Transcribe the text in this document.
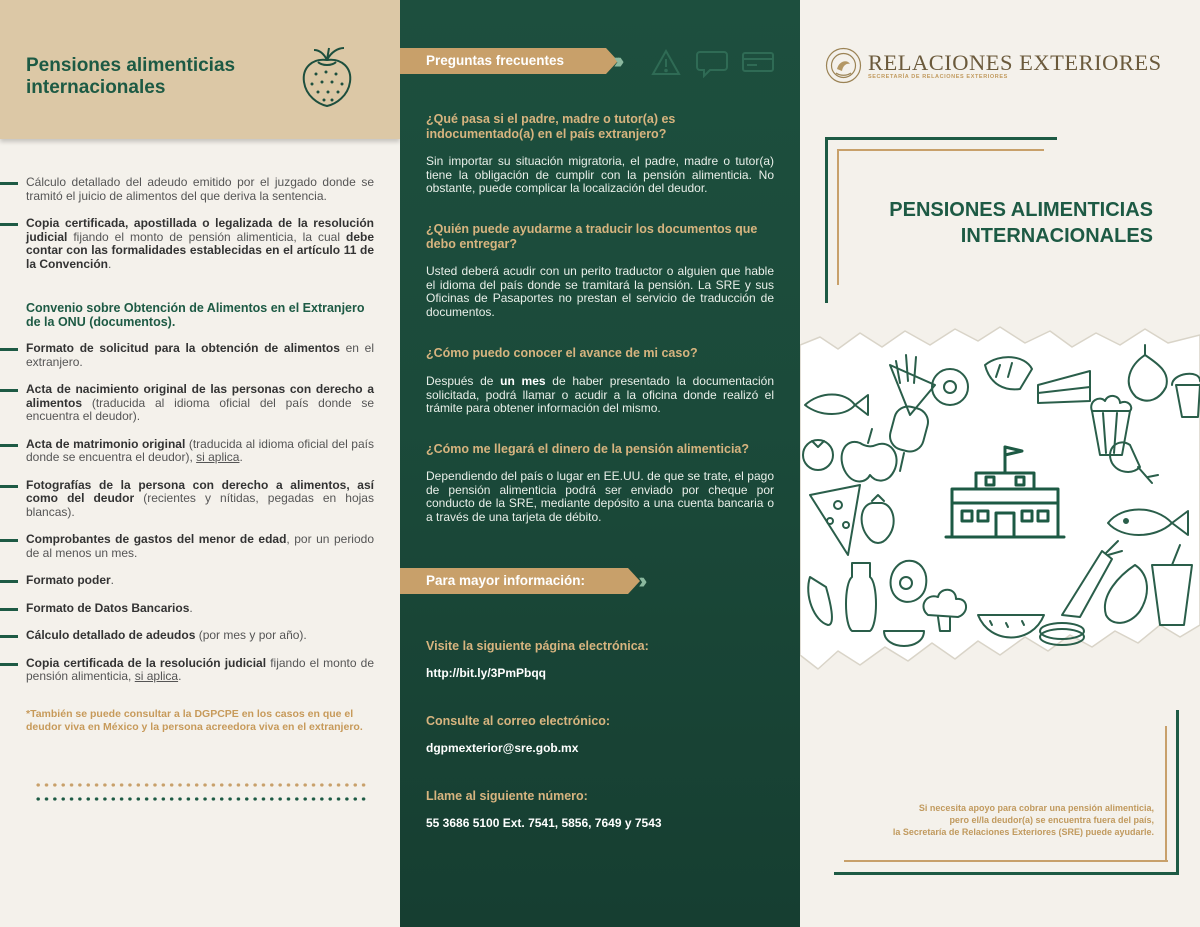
Pensiones alimenticias internacionales
Cálculo detallado del adeudo emitido por el juzgado donde se tramitó el juicio de alimentos del que deriva la sentencia.
Copia certificada, apostillada o legalizada de la resolución judicial fijando el monto de pensión alimenticia, la cual debe contar con las formalidades establecidas en el artículo 11 de la Convención.
Convenio sobre Obtención de Alimentos en el Extranjero de la ONU (documentos).
Formato de solicitud para la obtención de alimentos en el extranjero.
Acta de nacimiento original de las personas con derecho a alimentos (traducida al idioma oficial del país donde se encuentra el deudor).
Acta de matrimonio original (traducida al idioma oficial del país donde se encuentra el deudor), si aplica.
Fotografías de la persona con derecho a alimentos, así como del deudor (recientes y nítidas, pegadas en hojas blancas).
Comprobantes de gastos del menor de edad, por un periodo de al menos un mes.
Formato poder.
Formato de Datos Bancarios.
Cálculo detallado de adeudos (por mes y por año).
Copia certificada de la resolución judicial fijando el monto de pensión alimenticia, si aplica.
*También se puede consultar a la DGPCPE en los casos en que el deudor viva en México y la persona acreedora viva en el extranjero.
Preguntas frecuentes
¿Qué pasa si el padre, madre o tutor(a) es indocumentado(a) en el país extranjero?
Sin importar su situación migratoria, el padre, madre o tutor(a) tiene la obligación de cumplir con la pensión alimenticia. No obstante, puede complicar la localización del deudor.
¿Quién puede ayudarme a traducir los documentos que debo entregar?
Usted deberá acudir con un perito traductor o alguien que hable el idioma del país donde se tramitará la pensión. La SRE y sus Oficinas de Pasaportes no prestan el servicio de traducción de documentos.
¿Cómo puedo conocer el avance de mi caso?
Después de un mes de haber presentado la documentación solicitada, podrá llamar o acudir a la oficina donde realizó el trámite para obtener información del mismo.
¿Cómo me llegará el dinero de la pensión alimenticia?
Dependiendo del país o lugar en EE.UU. de que se trate, el pago de pensión alimenticia podrá ser enviado por cheque por conducto de la SRE, mediante depósito a una cuenta bancaria o a través de una tarjeta de débito.
Para mayor información:
Visite la siguiente página electrónica:
http://bit.ly/3PmPbqq
Consulte al correo electrónico:
dgpmexterior@sre.gob.mx
Llame al siguiente número:
55 3686 5100 Ext. 7541, 5856, 7649 y 7543
RELACIONES EXTERIORES
SECRETARÍA DE RELACIONES EXTERIORES
PENSIONES ALIMENTICIAS
INTERNACIONALES
Si necesita apoyo para cobrar una pensión alimenticia,
pero el/la deudor(a) se encuentra fuera del país,
la Secretaría de Relaciones Exteriores (SRE) puede ayudarle.
